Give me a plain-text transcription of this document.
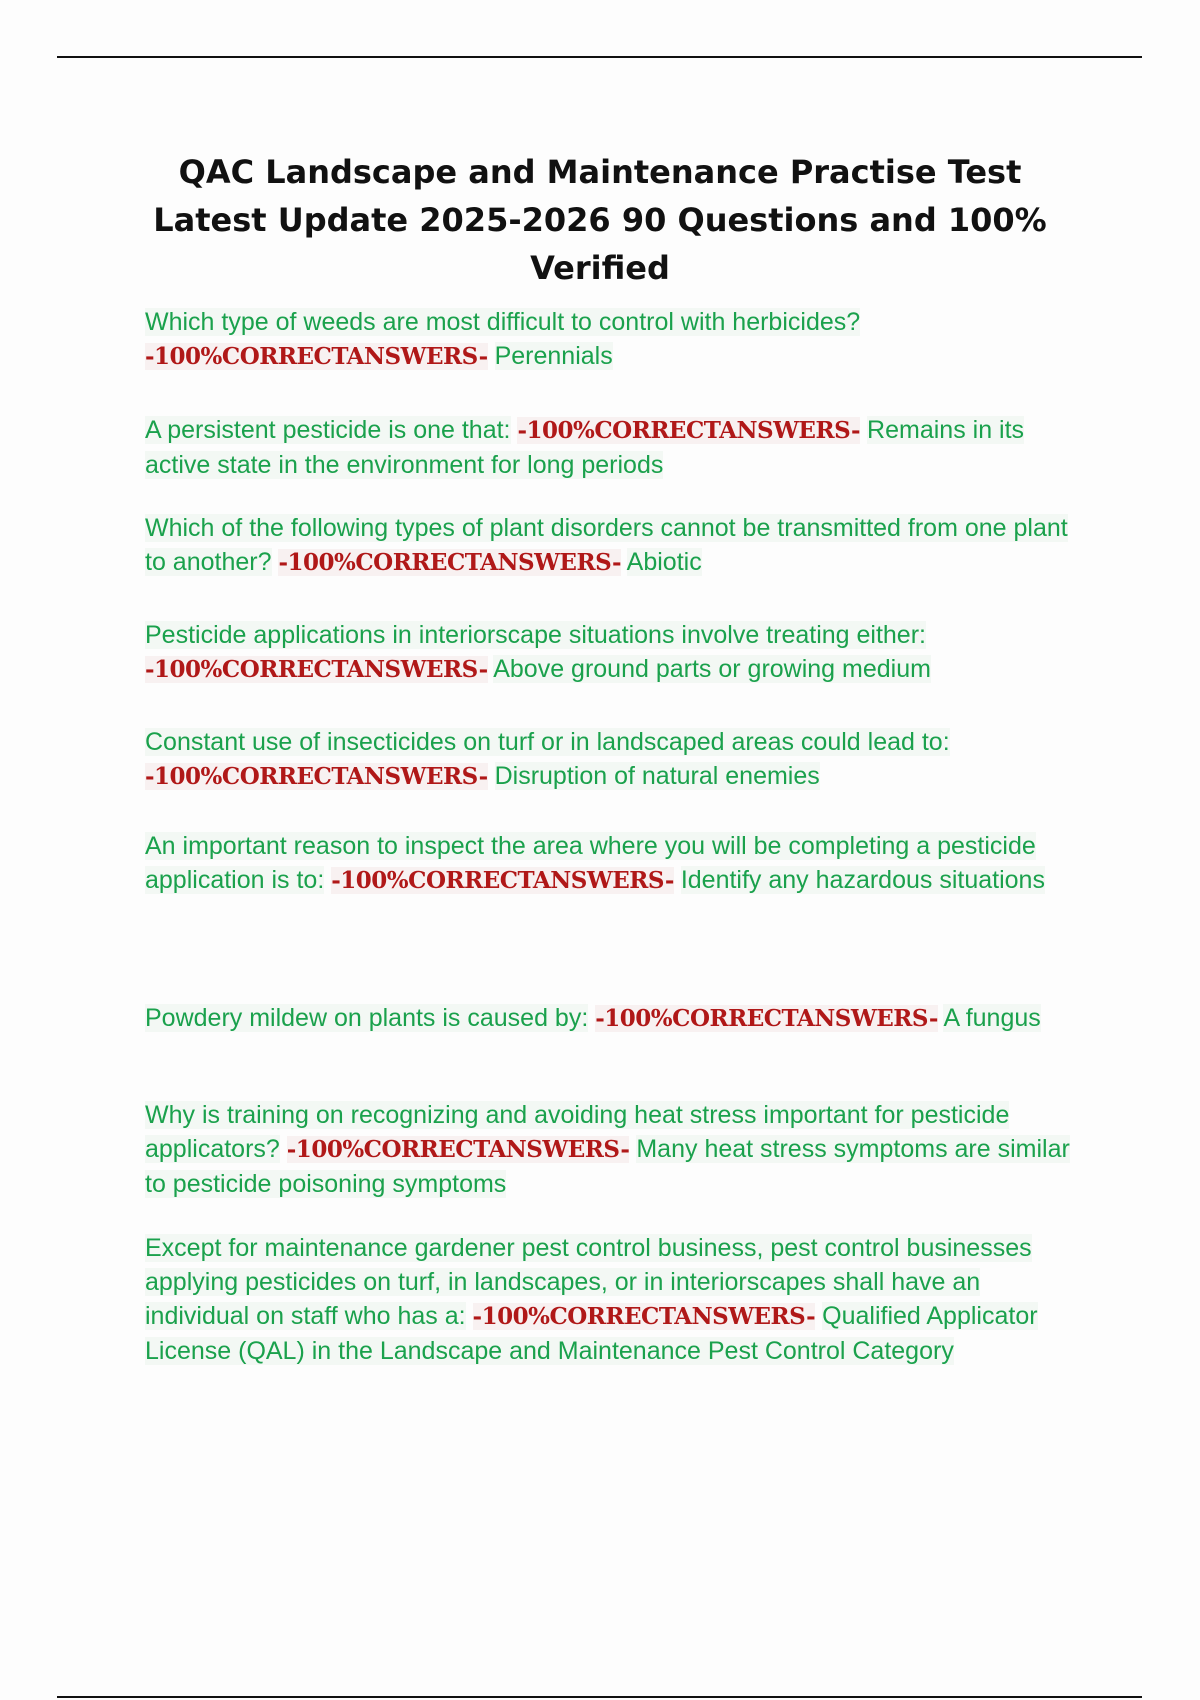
QAC Landscape and Maintenance Practise Test Latest Update 2025-2026 90 Questions and 100% Verified
Which type of weeds are most difficult to control with herbicides? -100%CORRECTANSWERS- Perennials
A persistent pesticide is one that: -100%CORRECTANSWERS- Remains in its active state in the environment for long periods
Which of the following types of plant disorders cannot be transmitted from one plant to another? -100%CORRECTANSWERS- Abiotic
Pesticide applications in interiorscape situations involve treating either: -100%CORRECTANSWERS- Above ground parts or growing medium
Constant use of insecticides on turf or in landscaped areas could lead to: -100%CORRECTANSWERS- Disruption of natural enemies
An important reason to inspect the area where you will be completing a pesticide application is to: -100%CORRECTANSWERS- Identify any hazardous situations
Powdery mildew on plants is caused by: -100%CORRECTANSWERS- A fungus
Why is training on recognizing and avoiding heat stress important for pesticide applicators? -100%CORRECTANSWERS- Many heat stress symptoms are similar to pesticide poisoning symptoms
Except for maintenance gardener pest control business, pest control businesses applying pesticides on turf, in landscapes, or in interiorscapes shall have an individual on staff who has a: -100%CORRECTANSWERS- Qualified Applicator License (QAL) in the Landscape and Maintenance Pest Control Category
